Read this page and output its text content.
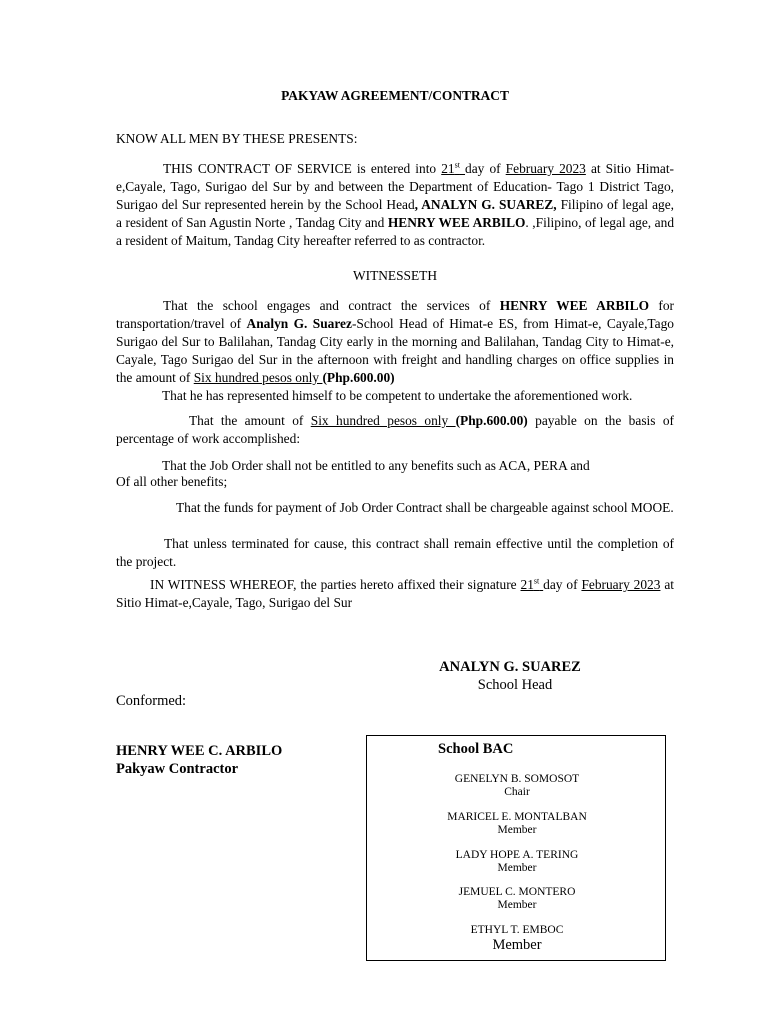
PAKYAW AGREEMENT/CONTRACT
KNOW ALL MEN BY THESE PRESENTS:
THIS CONTRACT OF SERVICE is entered into 21st day of February 2023 at Sitio Himat-e,Cayale, Tago, Surigao del Sur by and between the Department of Education- Tago 1 District Tago, Surigao del Sur represented herein by the School Head, ANALYN G. SUAREZ, Filipino of legal age, a resident of San Agustin Norte , Tandag City and HENRY WEE ARBILO. ,Filipino, of legal age, and a resident of Maitum, Tandag City hereafter referred to as contractor.
WITNESSETH
That the school engages and contract the services of HENRY WEE ARBILO for transportation/travel of Analyn G. Suarez-School Head of Himat-e ES, from Himat-e, Cayale,Tago Surigao del Sur to Balilahan, Tandag City early in the morning and Balilahan, Tandag City to Himat-e, Cayale, Tago Surigao del Sur in the afternoon with freight and handling charges on office supplies in the amount of Six hundred pesos only (Php.600.00)
That he has represented himself to be competent to undertake the aforementioned work.
That the amount of Six hundred pesos only (Php.600.00) payable on the basis of percentage of work accomplished:
That the Job Order shall not be entitled to any benefits such as ACA, PERA and
Of all other benefits;
That the funds for payment of Job Order Contract shall be chargeable against school MOOE.
That unless terminated for cause, this contract shall remain effective until the completion of the project.
IN WITNESS WHEREOF, the parties hereto affixed their signature 21st day of February 2023 at Sitio Himat-e,Cayale, Tago, Surigao del Sur
ANALYN G. SUAREZ
School Head
Conformed:
HENRY WEE C. ARBILO
Pakyaw Contractor
School BAC
GENELYN B. SOMOSOT
Chair
MARICEL E. MONTALBAN
Member
LADY HOPE A. TERING
Member
JEMUEL C. MONTERO
Member
ETHYL T. EMBOC
Member
